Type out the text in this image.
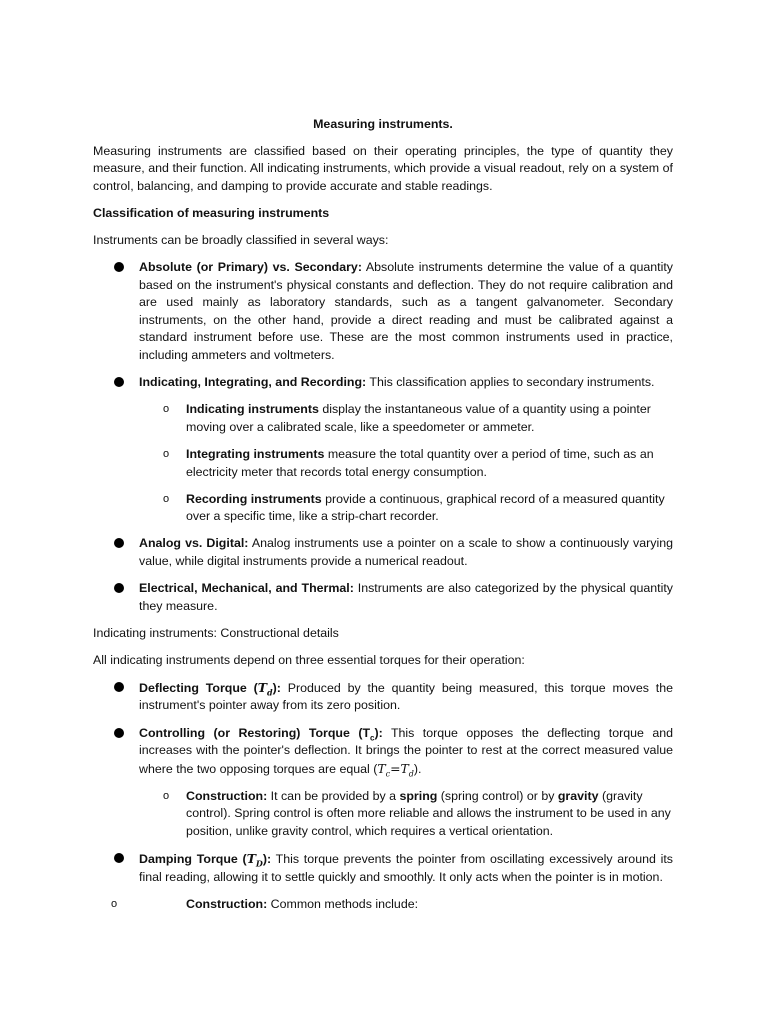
Measuring instruments.

Measuring instruments are classified based on their operating principles, the type of quantity they measure, and their function. All indicating instruments, which provide a visual readout, rely on a system of control, balancing, and damping to provide accurate and stable readings.

Classification of measuring instruments

Instruments can be broadly classified in several ways:

Absolute (or Primary) vs. Secondary: Absolute instruments determine the value of a quantity based on the instrument's physical constants and deflection. They do not require calibration and are used mainly as laboratory standards, such as a tangent galvanometer. Secondary instruments, on the other hand, provide a direct reading and must be calibrated against a standard instrument before use. These are the most common instruments used in practice, including ammeters and voltmeters.
Indicating, Integrating, and Recording: This classification applies to secondary instruments.
o Indicating instruments display the instantaneous value of a quantity using a pointer moving over a calibrated scale, like a speedometer or ammeter.
o Integrating instruments measure the total quantity over a period of time, such as an electricity meter that records total energy consumption.
o Recording instruments provide a continuous, graphical record of a measured quantity over a specific time, like a strip-chart recorder.
Analog vs. Digital: Analog instruments use a pointer on a scale to show a continuously varying value, while digital instruments provide a numerical readout.
Electrical, Mechanical, and Thermal: Instruments are also categorized by the physical quantity they measure.

Indicating instruments: Constructional details

All indicating instruments depend on three essential torques for their operation:

Deflecting Torque $(T_d)$: Produced by the quantity being measured, this torque moves the instrument's pointer away from its zero position.
Controlling (or Restoring) Torque $(T_c)$: This torque opposes the deflecting torque and increases with the pointer's deflection. It brings the pointer to rest at the correct measured value where the two opposing torques are equal $(T_c=T_d)$.
o Construction: It can be provided by a spring (spring control) or by gravity (gravity control). Spring control is often more reliable and allows the instrument to be used in any position, unlike gravity control, which requires a vertical orientation.
Damping Torque $(T_D)$: This torque prevents the pointer from oscillating excessively around its final reading, allowing it to settle quickly and smoothly. It only acts when the pointer is in motion.
o	Construction: Common methods include:
